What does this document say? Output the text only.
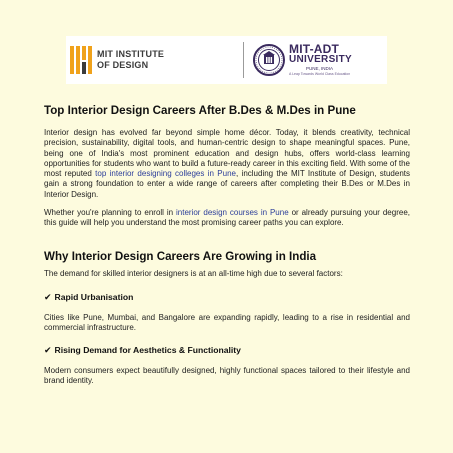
MIT INSTITUTE
OF DESIGN
MIT-ADT
UNIVERSITY
PUNE, INDIA
A Leap Towards World Class Education
Top Interior Design Careers After B.Des & M.Des in Pune

Interior design has evolved far beyond simple home décor. Today, it blends creativity, technical precision, sustainability, digital tools, and human-centric design to shape meaningful spaces. Pune, being one of India's most prominent education and design hubs, offers world-class learning opportunities for students who want to build a future-ready career in this exciting field. With some of the most reputed top interior designing colleges in Pune, including the MIT Institute of Design, students gain a strong foundation to enter a wide range of careers after completing their B.Des or M.Des in Interior Design.

Whether you're planning to enroll in interior design courses in Pune or already pursuing your degree, this guide will help you understand the most promising career paths you can explore.

Why Interior Design Careers Are Growing in India

The demand for skilled interior designers is at an all-time high due to several factors:

✔ Rapid Urbanisation

Cities like Pune, Mumbai, and Bangalore are expanding rapidly, leading to a rise in residential and commercial infrastructure.

✔ Rising Demand for Aesthetics & Functionality

Modern consumers expect beautifully designed, highly functional spaces tailored to their lifestyle and brand identity.
